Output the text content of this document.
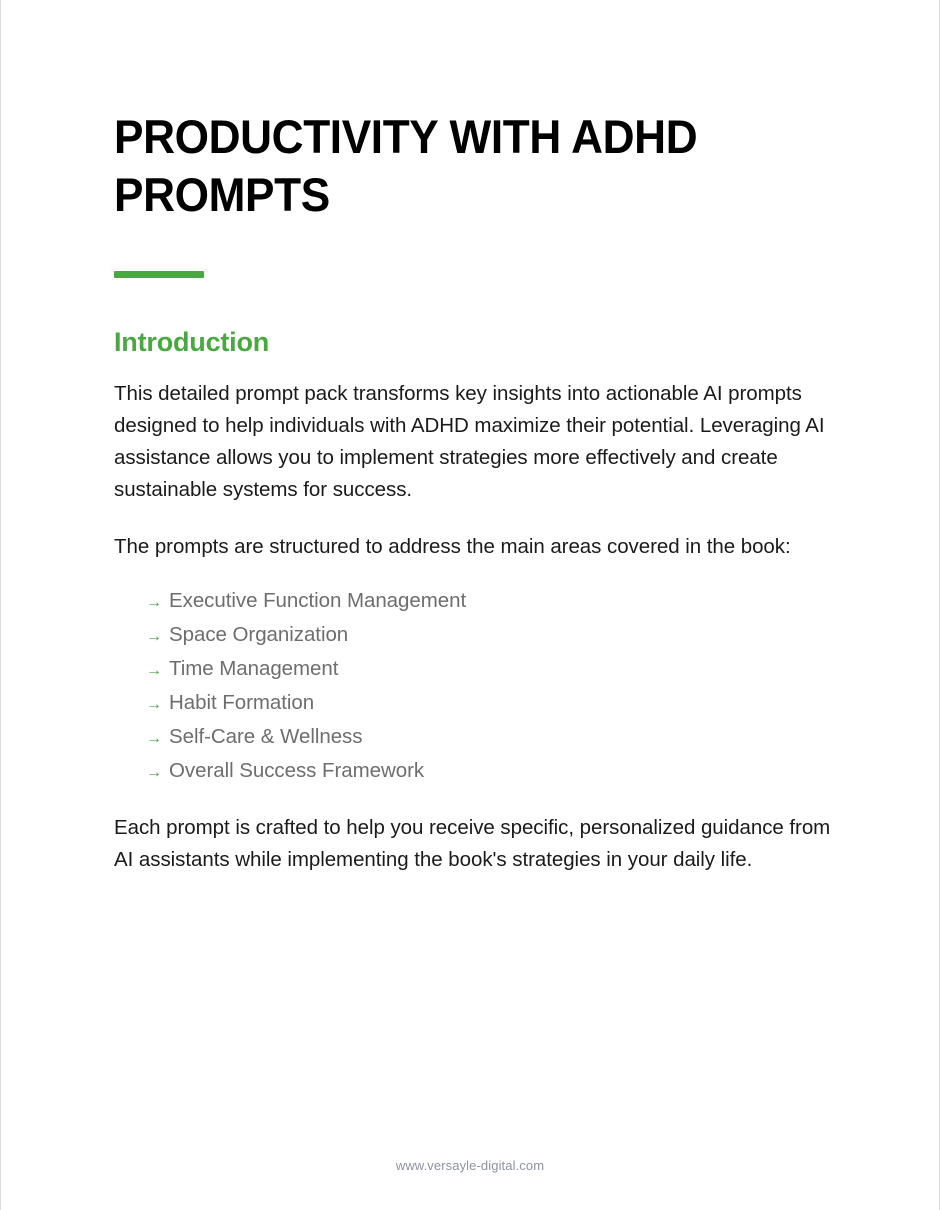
PRODUCTIVITY WITH ADHD PROMPTS
Introduction

This detailed prompt pack transforms key insights into actionable AI prompts designed to help individuals with ADHD maximize their potential. Leveraging AI assistance allows you to implement strategies more effectively and create sustainable systems for success.

The prompts are structured to address the main areas covered in the book:

→ Executive Function Management
→ Space Organization
→ Time Management
→ Habit Formation
→ Self-Care & Wellness
→ Overall Success Framework

Each prompt is crafted to help you receive specific, personalized guidance from AI assistants while implementing the book's strategies in your daily life.

www.versayle-digital.com
